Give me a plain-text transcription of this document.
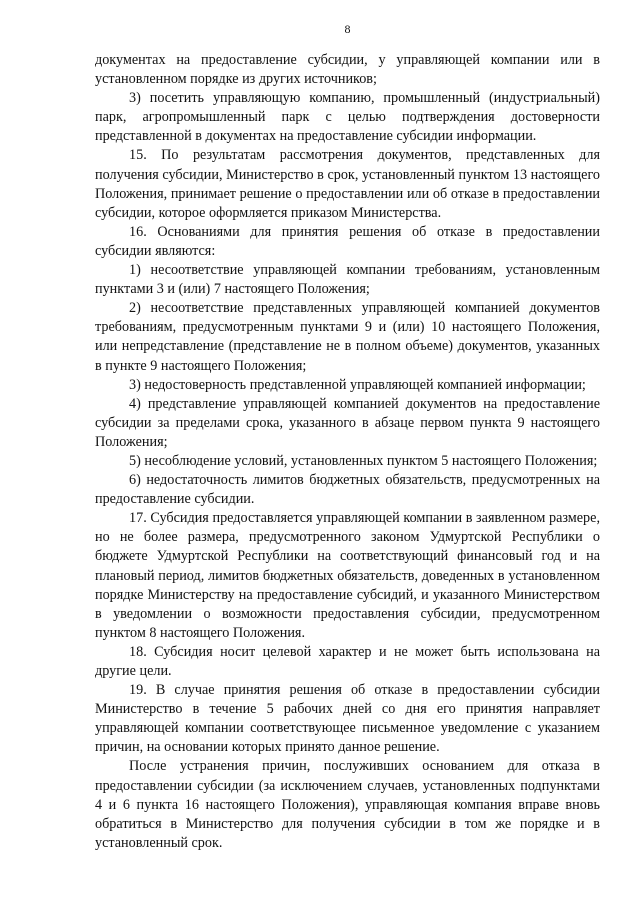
8

документах на предоставление субсидии, у управляющей компании или в установленном порядке из других источников;

3) посетить управляющую компанию, промышленный (индустриальный) парк, агропромышленный парк с целью подтверждения достоверности представленной в документах на предоставление субсидии информации.

15. По результатам рассмотрения документов, представленных для получения субсидии, Министерство в срок, установленный пунктом 13 настоящего Положения, принимает решение о предоставлении или об отказе в предоставлении субсидии, которое оформляется приказом Министерства.

16. Основаниями для принятия решения об отказе в предоставлении субсидии являются:

1) несоответствие управляющей компании требованиям, установленным пунктами 3 и (или) 7 настоящего Положения;

2) несоответствие представленных управляющей компанией документов требованиям, предусмотренным пунктами 9 и (или) 10 настоящего Положения, или непредставление (представление не в полном объеме) документов, указанных в пункте 9 настоящего Положения;

3) недостоверность представленной управляющей компанией информации;

4) представление управляющей компанией документов на предоставление субсидии за пределами срока, указанного в абзаце первом пункта 9 настоящего Положения;

5) несоблюдение условий, установленных пунктом 5 настоящего Положения;

6) недостаточность лимитов бюджетных обязательств, предусмотренных на предоставление субсидии.

17. Субсидия предоставляется управляющей компании в заявленном размере, но не более размера, предусмотренного законом Удмуртской Республики о бюджете Удмуртской Республики на соответствующий финансовый год и на плановый период, лимитов бюджетных обязательств, доведенных в установленном порядке Министерству на предоставление субсидий, и указанного Министерством в уведомлении о возможности предоставления субсидии, предусмотренном пунктом 8 настоящего Положения.

18. Субсидия носит целевой характер и не может быть использована на другие цели.

19. В случае принятия решения об отказе в предоставлении субсидии Министерство в течение 5 рабочих дней со дня его принятия направляет управляющей компании соответствующее письменное уведомление с указанием причин, на основании которых принято данное решение.

После устранения причин, послуживших основанием для отказа в предоставлении субсидии (за исключением случаев, установленных подпунктами 4 и 6 пункта 16 настоящего Положения), управляющая компания вправе вновь обратиться в Министерство для получения субсидии в том же порядке и в установленный срок.
